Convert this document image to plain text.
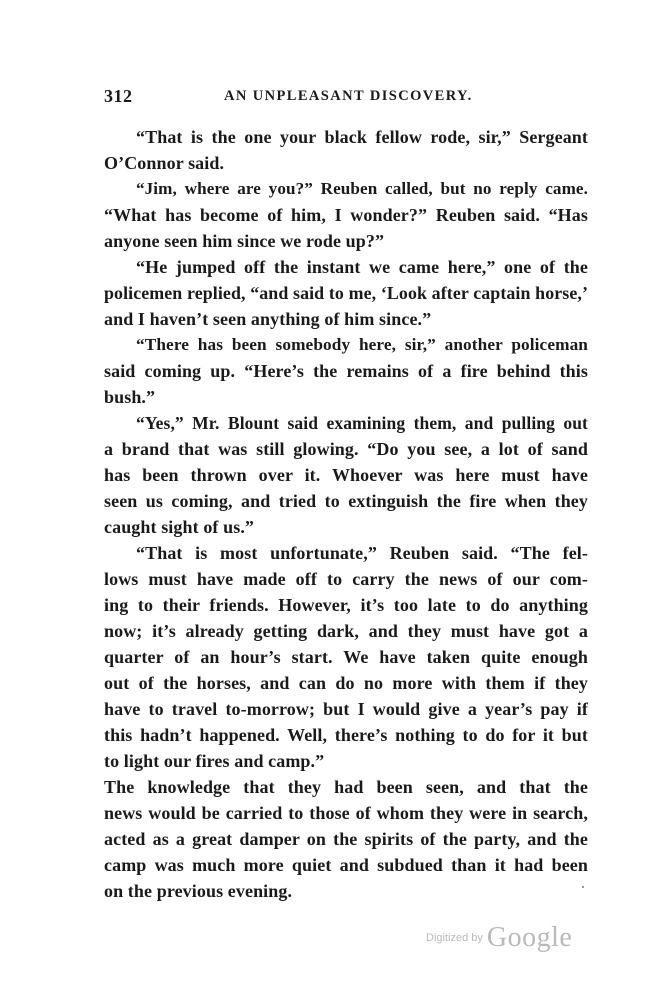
312	AN UNPLEASANT DISCOVERY.

“That is the one your black fellow rode, sir,” Sergeant
O’Connor said.

“Jim, where are you?” Reuben called, but no reply came.
“What has become of him, I wonder?” Reuben said. “Has
anyone seen him since we rode up?”

“He jumped off the instant we came here,” one of the
policemen replied, “and said to me, ‘Look after captain horse,’
and I haven’t seen anything of him since.”

“There has been somebody here, sir,” another policeman
said coming up. “Here’s the remains of a fire behind this
bush.”

“Yes,” Mr. Blount said examining them, and pulling out
a brand that was still glowing. “Do you see, a lot of sand
has been thrown over it. Whoever was here must have
seen us coming, and tried to extinguish the fire when they
caught sight of us.”

“That is most unfortunate,” Reuben said. “The fel-
lows must have made off to carry the news of our com-
ing to their friends. However, it’s too late to do anything
now; it’s already getting dark, and they must have got a
quarter of an hour’s start. We have taken quite enough
out of the horses, and can do no more with them if they
have to travel to-morrow; but I would give a year’s pay if
this hadn’t happened. Well, there’s nothing to do for it but
to light our fires and camp.”

The knowledge that they had been seen, and that the
news would be carried to those of whom they were in search,
acted as a great damper on the spirits of the party, and the
camp was much more quiet and subdued than it had been
on the previous evening.

Digitized by Google
